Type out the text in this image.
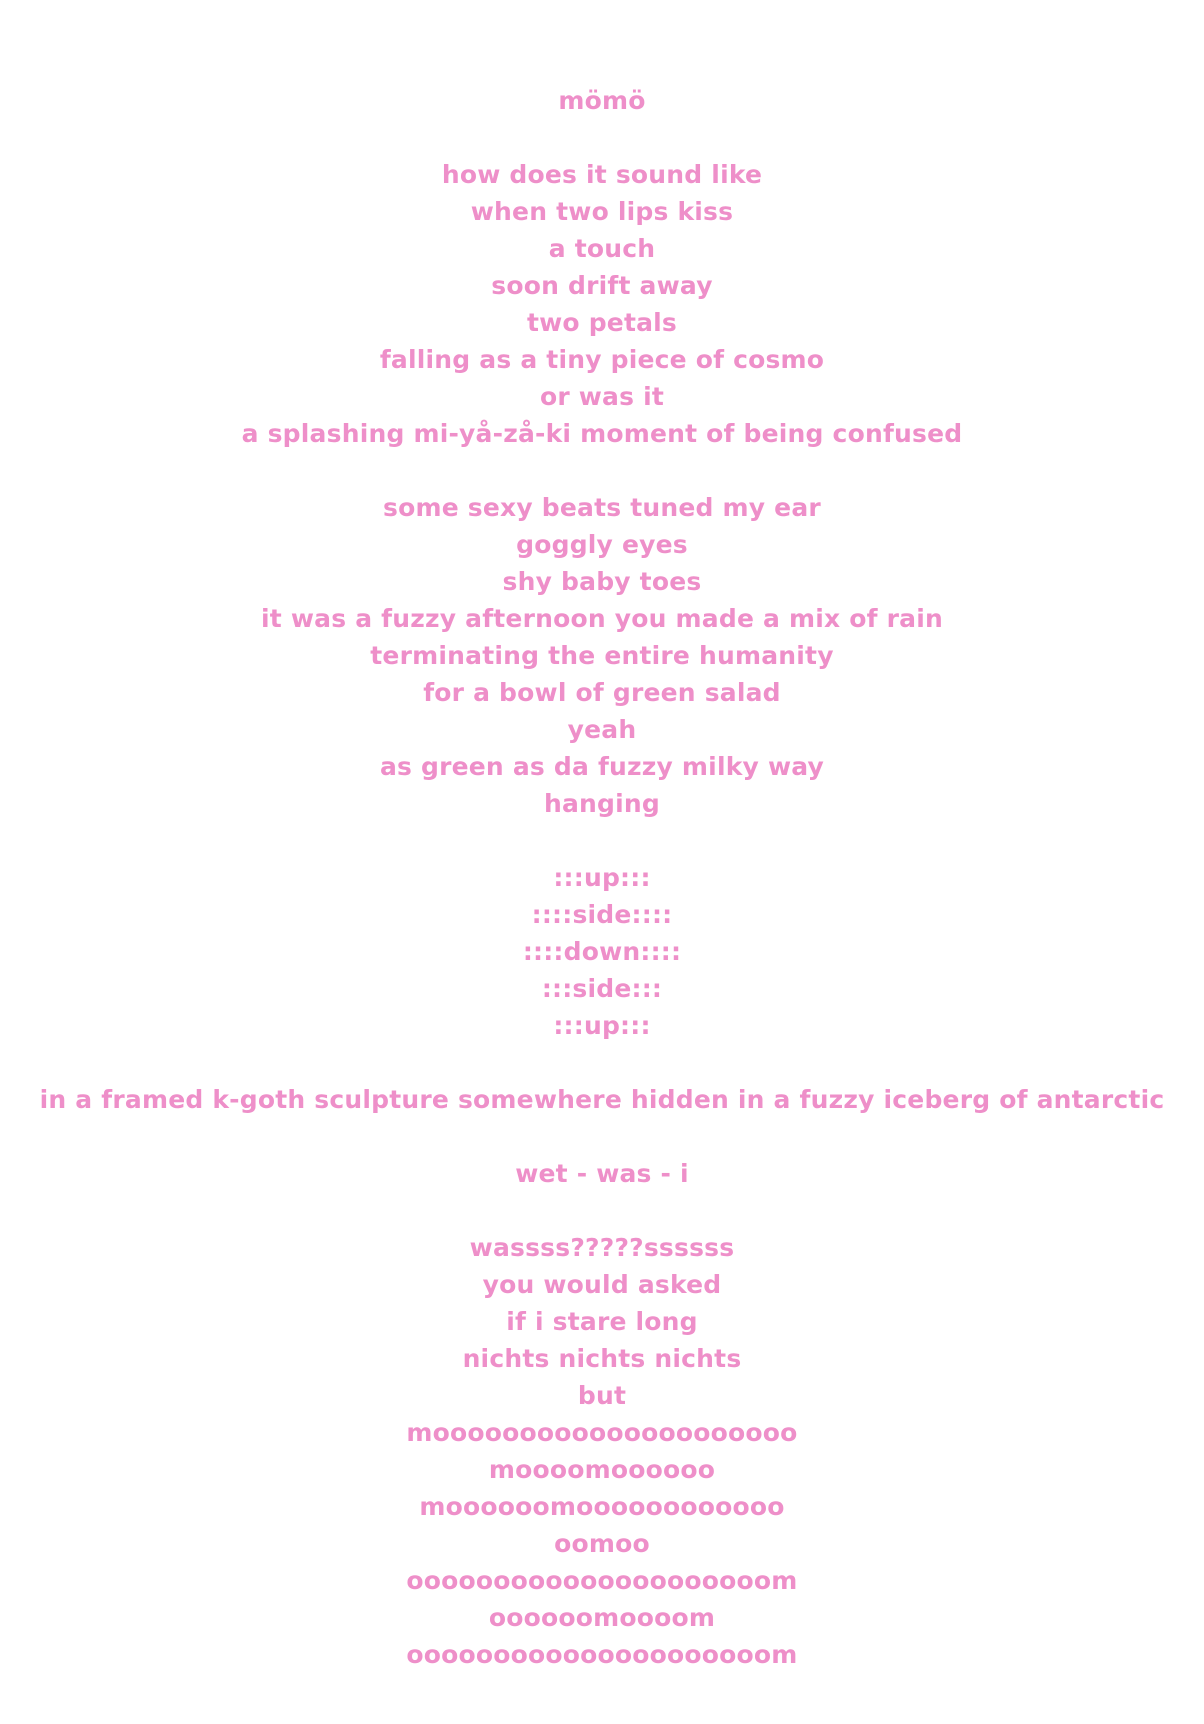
mömö
how does it sound like
when two lips kiss
a touch
soon drift away
two petals
falling as a tiny piece of cosmo
or was it
a splashing mi-yå-zå-ki moment of being confused
some sexy beats tuned my ear
goggly eyes
shy baby toes
it was a fuzzy afternoon you made a mix of rain
terminating the entire humanity
for a bowl of green salad
yeah
as green as da fuzzy milky way
hanging
:::up:::
::::side::::
::::down::::
:::side:::
:::up:::
in a framed k-goth sculpture somewhere hidden in a fuzzy iceberg of antarctic
wet - was - i
wassss?????ssssss
you would asked
if i stare long
nichts nichts nichts
but
mooooooooooooooooooooo
moooomoooooo
moooooomoooooooooooo
oomoo
ooooooooooooooooooooom
oooooomoooom
ooooooooooooooooooooom
